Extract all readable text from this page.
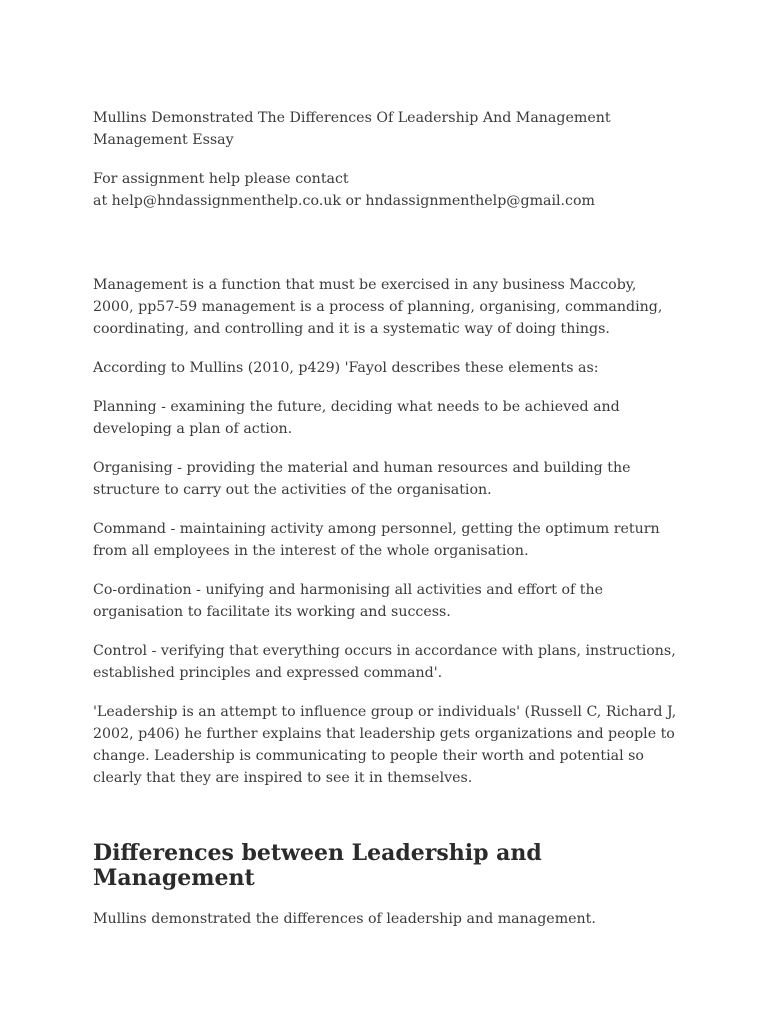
Mullins Demonstrated The Differences Of Leadership And Management
Management Essay

For assignment help please contact
at help@hndassignmenthelp.co.uk or hndassignmenthelp@gmail.com

Management is a function that must be exercised in any business Maccoby, 2000, pp57-59 management is a process of planning, organising, commanding, coordinating, and controlling and it is a systematic way of doing things.

According to Mullins (2010, p429) 'Fayol describes these elements as:

Planning - examining the future, deciding what needs to be achieved and developing a plan of action.

Organising - providing the material and human resources and building the structure to carry out the activities of the organisation.

Command - maintaining activity among personnel, getting the optimum return from all employees in the interest of the whole organisation.

Co-ordination - unifying and harmonising all activities and effort of the organisation to facilitate its working and success.

Control - verifying that everything occurs in accordance with plans, instructions, established principles and expressed command'.

'Leadership is an attempt to influence group or individuals' (Russell C, Richard J, 2002, p406) he further explains that leadership gets organizations and people to change. Leadership is communicating to people their worth and potential so clearly that they are inspired to see it in themselves.

Differences between Leadership and
Management

Mullins demonstrated the differences of leadership and management.
